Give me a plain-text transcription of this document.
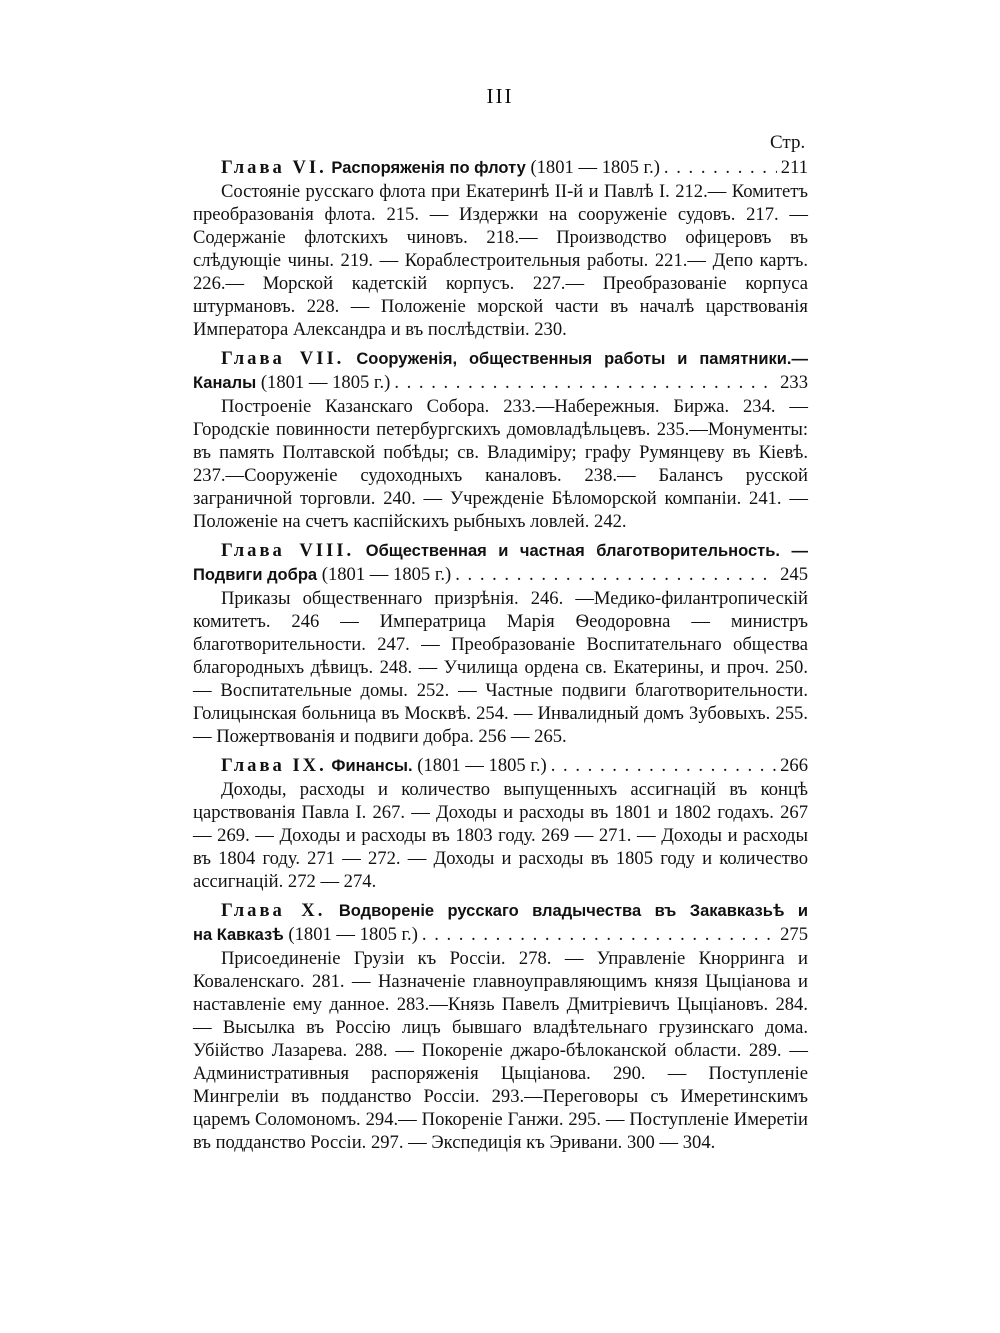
III
Стр.
Глава VI. Распоряженія по флоту (1801 — 1805 г.) . . .	211
Состояніе русскаго флота при Екатеринѣ II-й и Павлѣ I. 212.— Комитетъ преобразованія флота. 215. — Издержки на сооруженіе судовъ. 217. — Содержаніе флотскихъ чиновъ. 218.— Производство офицеровъ въ слѣдующіе чины. 219. — Кораблестроительныя работы. 221.— Депо картъ. 226.— Морской кадетскій корпусъ. 227.— Преобразованіе корпуса штурмановъ. 228. — Положеніе морской части въ началѣ царствованія Императора Александра и въ послѣдствіи. 230.
Глава VII. Сооруженія, общественныя работы и памятники.—
Каналы (1801 — 1805 г.) . . .	233
Построеніе Казанскаго Собора. 233.—Набережныя. Биржа. 234. — Городскіе повинности петербургскихъ домовладѣльцевъ. 235.—Монументы: въ память Полтавской побѣды; св. Владиміру; графу Румянцеву въ Кіевѣ. 237.—Сооруженіе судоходныхъ каналовъ. 238.— Балансъ русской заграничной торговли. 240. — Учрежденіе Бѣломорской компаніи. 241. — Положеніе на счетъ каспійскихъ рыбныхъ ловлей. 242.
Глава VIII. Общественная и частная благотворительность. —
Подвиги добра (1801 — 1805 г.) . . .	245
Приказы общественнаго призрѣнія. 246. —Медико-филантропическій комитетъ. 246 — Императрица Марія Ѳеодоровна — министръ благотворительности. 247. — Преобразованіе Воспитательнаго общества благородныхъ дѣвицъ. 248. — Училища ордена св. Екатерины, и проч. 250. — Воспитательные домы. 252. — Частные подвиги благотворительности. Голицынская больница въ Москвѣ. 254. — Инвалидный домъ Зубовыхъ. 255. — Пожертвованія и подвиги добра. 256 — 265.
Глава IX. Финансы. (1801 — 1805 г.) . . .	266
Доходы, расходы и количество выпущенныхъ ассигнацій въ концѣ царствованія Павла I. 267. — Доходы и расходы въ 1801 и 1802 годахъ. 267 — 269. — Доходы и расходы въ 1803 году. 269 — 271. — Доходы и расходы въ 1804 году. 271 — 272. — Доходы и расходы въ 1805 году и количество ассигнацій. 272 — 274.
Глава X. Водвореніе русскаго владычества въ Закавказьѣ и
на Кавказѣ (1801 — 1805 г.) . . .	275
Присоединеніе Грузіи къ Россіи. 278. — Управленіе Кнорринга и Коваленскаго. 281. — Назначеніе главноуправляющимъ князя Цыціанова и наставленіе ему данное. 283.—Князь Павелъ Дмитріевичъ Цыціановъ. 284. — Высылка въ Россію лицъ бывшаго владѣтельнаго грузинскаго дома. Убійство Лазарева. 288. — Покореніе джаро-бѣлоканской области. 289. — Административныя распоряженія Цыціанова. 290. — Поступленіе Мингреліи въ подданство Россіи. 293.—Переговоры съ Имеретинскимъ царемъ Соломономъ. 294.— Покореніе Ганжи. 295. — Поступленіе Имеретіи въ подданство Россіи. 297. — Экспедиція къ Эривани. 300 — 304.
